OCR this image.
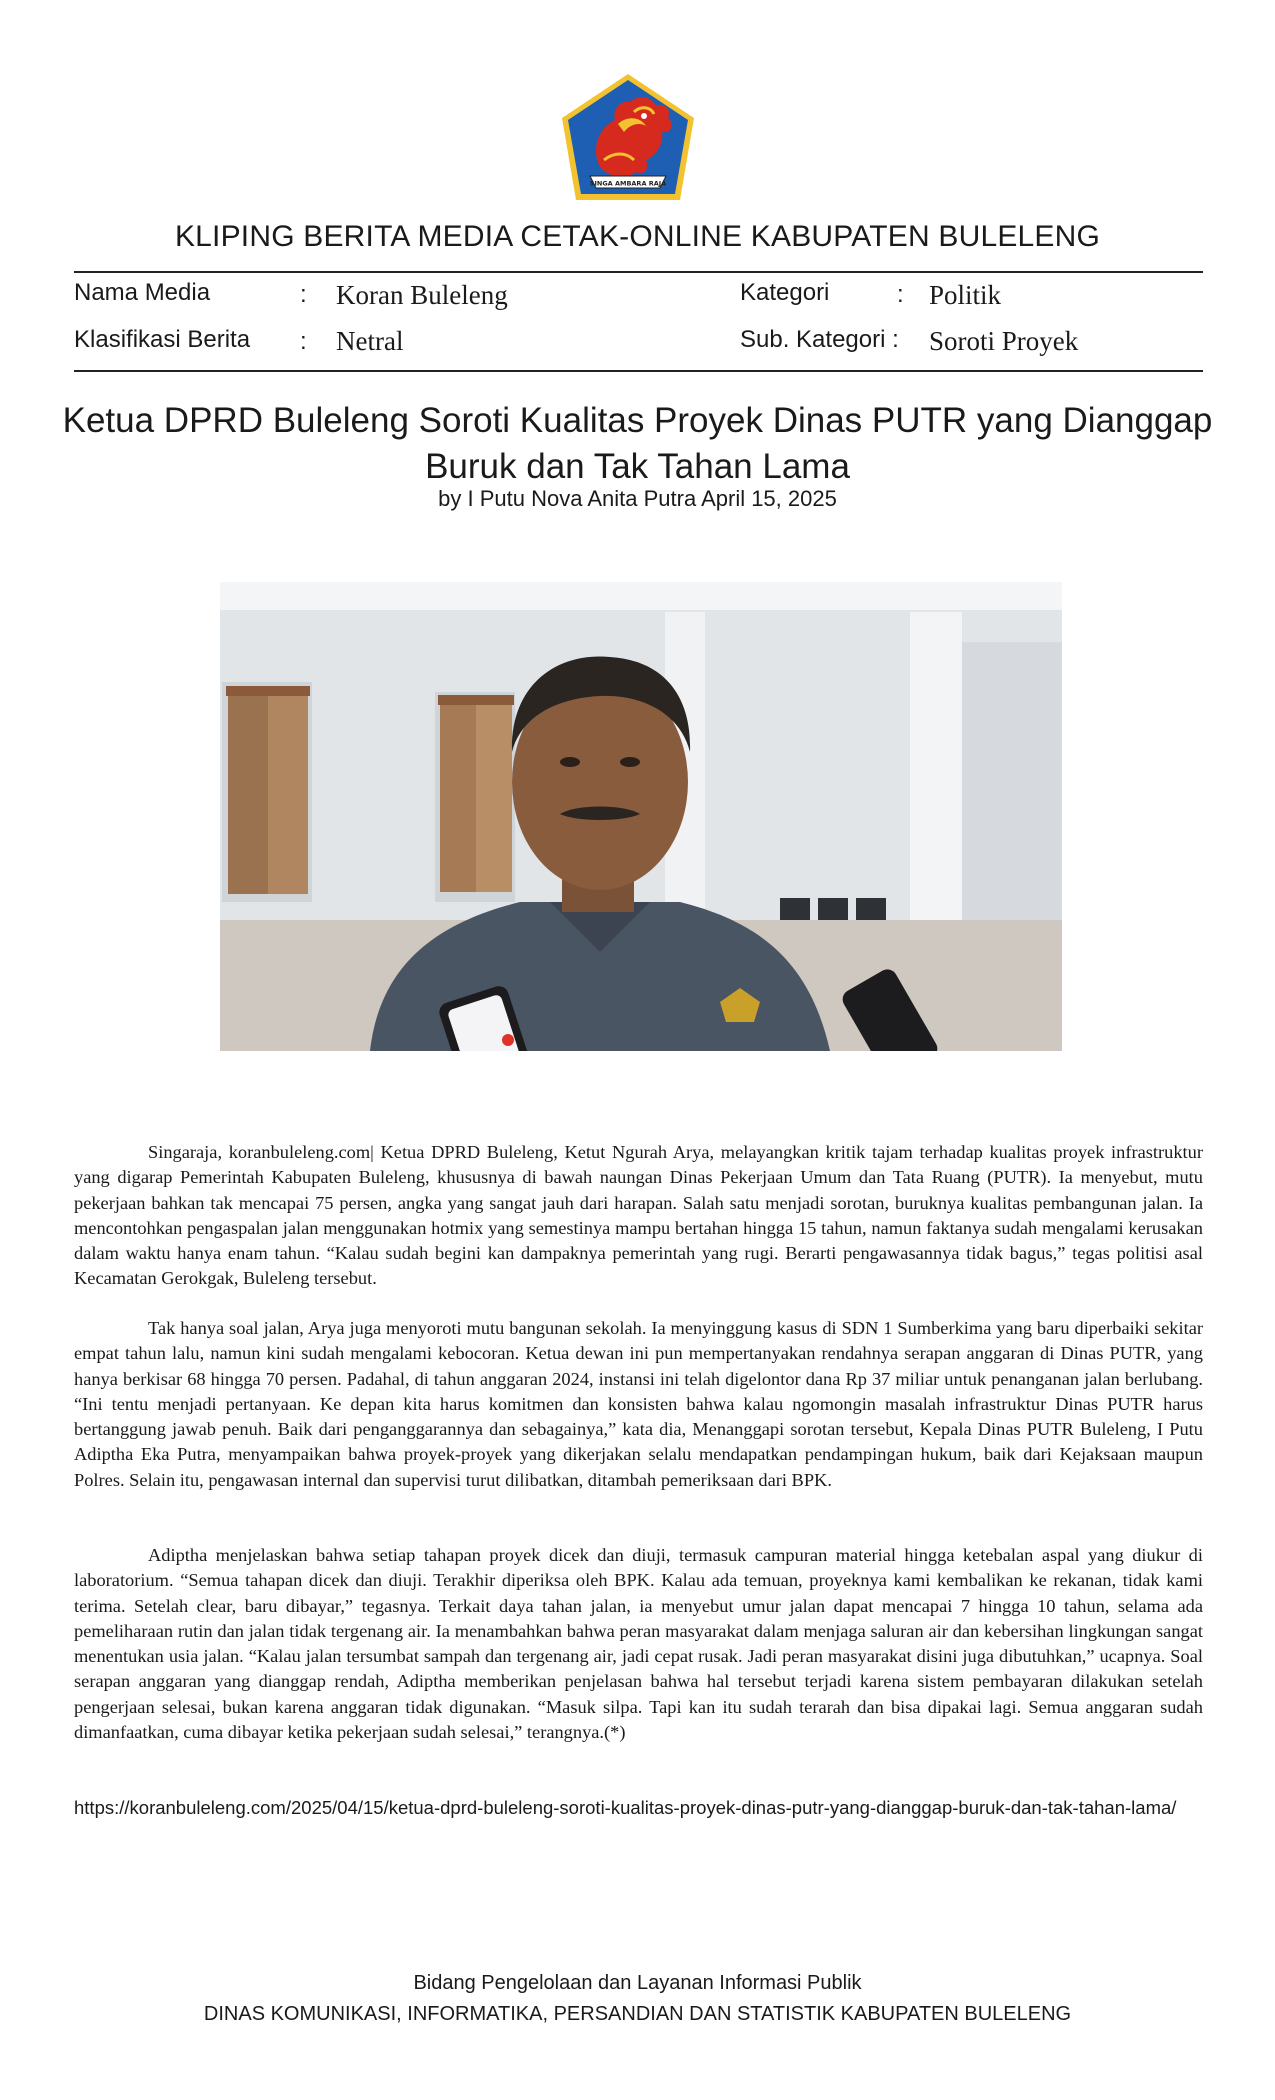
SINGA AMBARA RAJA
KLIPING BERITA MEDIA CETAK-ONLINE KABUPATEN BULELENG
Nama Media	: Koran Buleleng	Kategori	: Politik
Klasifikasi Berita : Netral	Sub. Kategori : Soroti Proyek
Ketua DPRD Buleleng Soroti Kualitas Proyek Dinas PUTR yang Dianggap
Buruk dan Tak Tahan Lama
by I Putu Nova Anita Putra April 15, 2025

Singaraja, koranbuleleng.com| Ketua DPRD Buleleng, Ketut Ngurah Arya, melayangkan kritik tajam terhadap kualitas proyek infrastruktur yang digarap Pemerintah Kabupaten Buleleng, khususnya di bawah naungan Dinas Pekerjaan Umum dan Tata Ruang (PUTR). Ia menyebut, mutu pekerjaan bahkan tak mencapai 75 persen, angka yang sangat jauh dari harapan. Salah satu menjadi sorotan, buruknya kualitas pembangunan jalan. Ia mencontohkan pengaspalan jalan menggunakan hotmix yang semestinya mampu bertahan hingga 15 tahun, namun faktanya sudah mengalami kerusakan dalam waktu hanya enam tahun. “Kalau sudah begini kan dampaknya pemerintah yang rugi. Berarti pengawasannya tidak bagus,” tegas politisi asal Kecamatan Gerokgak, Buleleng tersebut.

Tak hanya soal jalan, Arya juga menyoroti mutu bangunan sekolah. Ia menyinggung kasus di SDN 1 Sumberkima yang baru diperbaiki sekitar empat tahun lalu, namun kini sudah mengalami kebocoran. Ketua dewan ini pun mempertanyakan rendahnya serapan anggaran di Dinas PUTR, yang hanya berkisar 68 hingga 70 persen. Padahal, di tahun anggaran 2024, instansi ini telah digelontor dana Rp 37 miliar untuk penanganan jalan berlubang. “Ini tentu menjadi pertanyaan. Ke depan kita harus komitmen dan konsisten bahwa kalau ngomongin masalah infrastruktur Dinas PUTR harus bertanggung jawab penuh. Baik dari penganggarannya dan sebagainya,” kata dia, Menanggapi sorotan tersebut, Kepala Dinas PUTR Buleleng, I Putu Adiptha Eka Putra, menyampaikan bahwa proyek-proyek yang dikerjakan selalu mendapatkan pendampingan hukum, baik dari Kejaksaan maupun Polres. Selain itu, pengawasan internal dan supervisi turut dilibatkan, ditambah pemeriksaan dari BPK.

Adiptha menjelaskan bahwa setiap tahapan proyek dicek dan diuji, termasuk campuran material hingga ketebalan aspal yang diukur di laboratorium. “Semua tahapan dicek dan diuji. Terakhir diperiksa oleh BPK. Kalau ada temuan, proyeknya kami kembalikan ke rekanan, tidak kami terima. Setelah clear, baru dibayar,” tegasnya. Terkait daya tahan jalan, ia menyebut umur jalan dapat mencapai 7 hingga 10 tahun, selama ada pemeliharaan rutin dan jalan tidak tergenang air. Ia menambahkan bahwa peran masyarakat dalam menjaga saluran air dan kebersihan lingkungan sangat menentukan usia jalan. “Kalau jalan tersumbat sampah dan tergenang air, jadi cepat rusak. Jadi peran masyarakat disini juga dibutuhkan,” ucapnya. Soal serapan anggaran yang dianggap rendah, Adiptha memberikan penjelasan bahwa hal tersebut terjadi karena sistem pembayaran dilakukan setelah pengerjaan selesai, bukan karena anggaran tidak digunakan. “Masuk silpa. Tapi kan itu sudah terarah dan bisa dipakai lagi. Semua anggaran sudah dimanfaatkan, cuma dibayar ketika pekerjaan sudah selesai,” terangnya.(*)

https://koranbuleleng.com/2025/04/15/ketua-dprd-buleleng-soroti-kualitas-proyek-dinas-putr-yang-dianggap-buruk-dan-tak-tahan-lama/
Bidang Pengelolaan dan Layanan Informasi Publik
DINAS KOMUNIKASI, INFORMATIKA, PERSANDIAN DAN STATISTIK KABUPATEN BULELENG
